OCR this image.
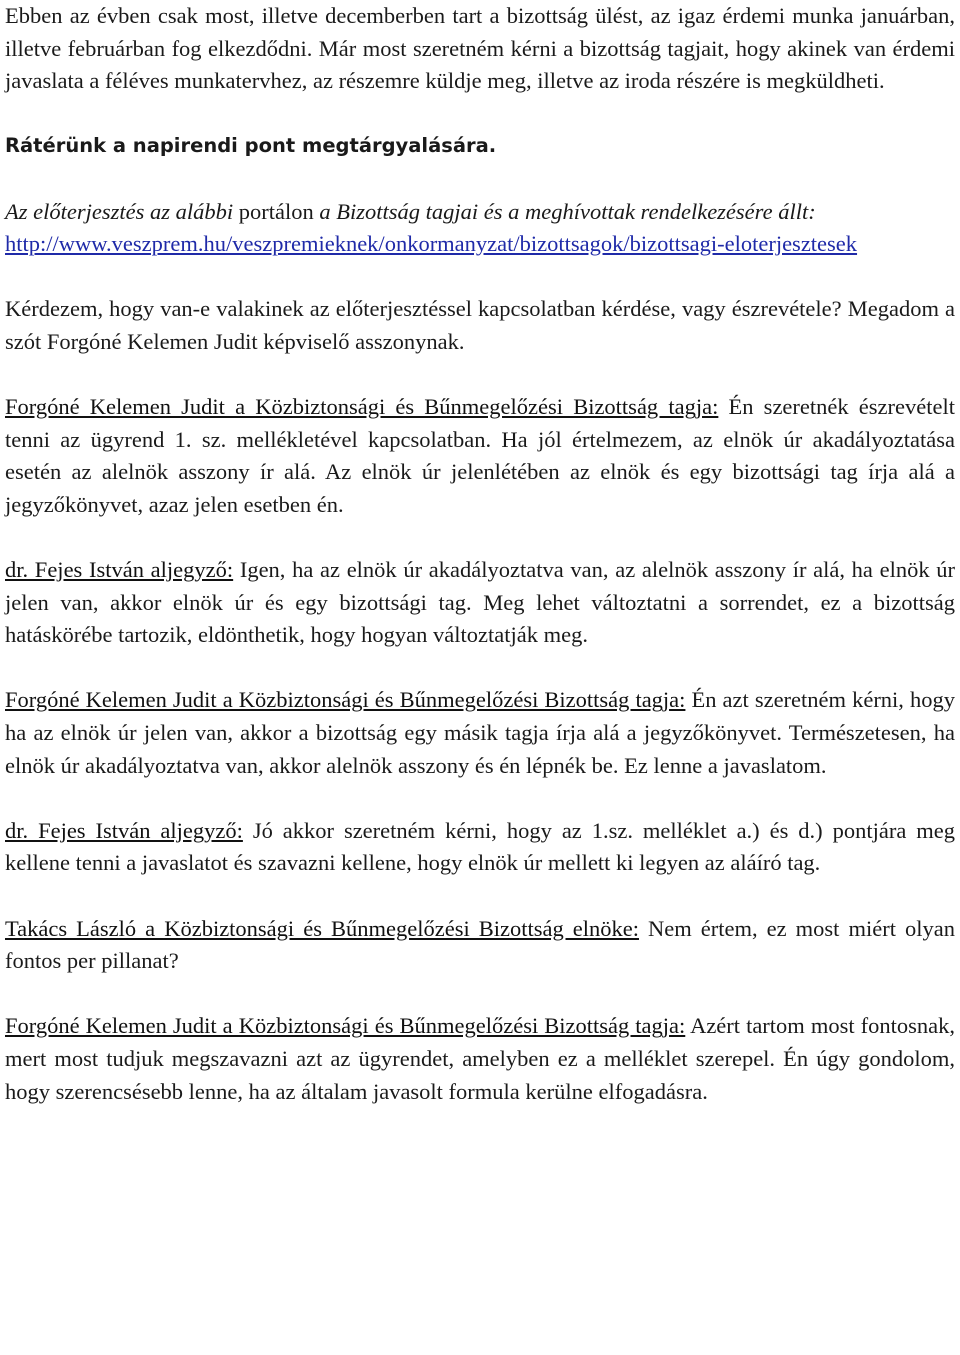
Ebben az évben csak most, illetve decemberben tart a bizottság ülést, az igaz érdemi munka januárban, illetve februárban fog elkezdődni. Már most szeretném kérni a bizottság tagjait, hogy akinek van érdemi javaslata a féléves munkatervhez, az részemre küldje meg, illetve az iroda részére is megküldheti.

Rátérünk a napirendi pont megtárgyalására.

Az előterjesztés az alábbi portálon a Bizottság tagjai és a meghívottak rendelkezésére állt: http://www.veszprem.hu/veszpremieknek/onkormanyzat/bizottsagok/bizottsagi-eloterjesztesek

Kérdezem, hogy van-e valakinek az előterjesztéssel kapcsolatban kérdése, vagy észrevétele? Megadom a szót Forgóné Kelemen Judit képviselő asszonynak.

Forgóné Kelemen Judit a Közbiztonsági és Bűnmegelőzési Bizottság tagja: Én szeretnék észrevételt tenni az ügyrend 1. sz. mellékletével kapcsolatban. Ha jól értelmezem, az elnök úr akadályoztatása esetén az alelnök asszony ír alá. Az elnök úr jelenlétében az elnök és egy bizottsági tag írja alá a jegyzőkönyvet, azaz jelen esetben én.

dr. Fejes István aljegyző: Igen, ha az elnök úr akadályoztatva van, az alelnök asszony ír alá, ha elnök úr jelen van, akkor elnök úr és egy bizottsági tag. Meg lehet változtatni a sorrendet, ez a bizottság hatáskörébe tartozik, eldönthetik, hogy hogyan változtatják meg.

Forgóné Kelemen Judit a Közbiztonsági és Bűnmegelőzési Bizottság tagja: Én azt szeretném kérni, hogy ha az elnök úr jelen van, akkor a bizottság egy másik tagja írja alá a jegyzőkönyvet. Természetesen, ha elnök úr akadályoztatva van, akkor alelnök asszony és én lépnék be. Ez lenne a javaslatom.

dr. Fejes István aljegyző: Jó akkor szeretném kérni, hogy az 1.sz. melléklet a.) és d.) pontjára meg kellene tenni a javaslatot és szavazni kellene, hogy elnök úr mellett ki legyen az aláíró tag.

Takács László a Közbiztonsági és Bűnmegelőzési Bizottság elnöke: Nem értem, ez most miért olyan fontos per pillanat?

Forgóné Kelemen Judit a Közbiztonsági és Bűnmegelőzési Bizottság tagja: Azért tartom most fontosnak, mert most tudjuk megszavazni azt az ügyrendet, amelyben ez a melléklet szerepel. Én úgy gondolom, hogy szerencsésebb lenne, ha az általam javasolt formula kerülne elfogadásra.
